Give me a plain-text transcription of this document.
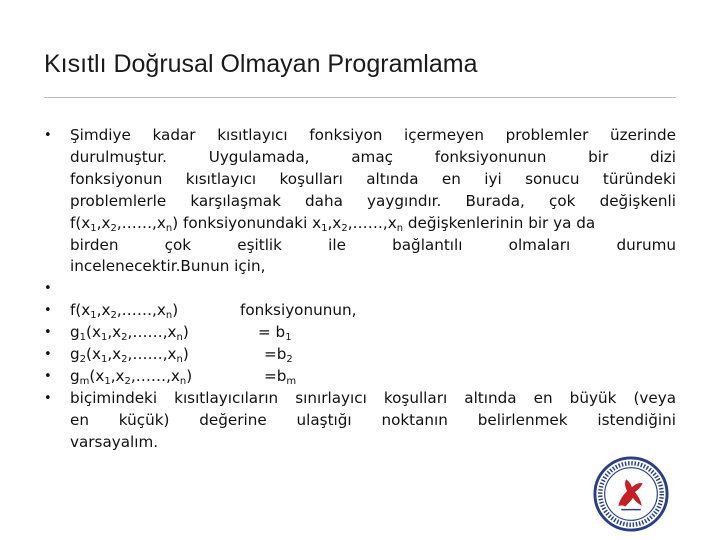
Kısıtlı Doğrusal Olmayan Programlama
• Şimdiye kadar kısıtlayıcı fonksiyon içermeyen problemler üzerinde
durulmuştur. Uygulamada, amaç fonksiyonunun bir dizi
fonksiyonun kısıtlayıcı koşulları altında en iyi sonucu türündeki
problemlerle karşılaşmak daha yaygındır. Burada, çok değişkenli
$f(x_1,x_2,\dots\dots,x_n)$ fonksiyonundaki $x_1,x_2,\dots\dots,x_n$ değişkenlerinin bir ya da
birden çok eşitlik ile bağlantılı olmaları durumu
incelenecektir.Bunun için,
•
• $f(x_1,x_2,\dots\dots,x_n)$	fonksiyonunun,
• $g_1(x_1,x_2,\dots\dots,x_n)$	= $b_1$
• $g_2(x_1,x_2,\dots\dots,x_n)$	$=b_2$
• $g_m(x_1,x_2,\dots\dots,x_n)$	$=b_m$
• biçimindeki kısıtlayıcıların sınırlayıcı koşulları altında en büyük (veya
en küçük) değerine ulaştığı noktanın belirlenmek istendiğini
varsayalım.
